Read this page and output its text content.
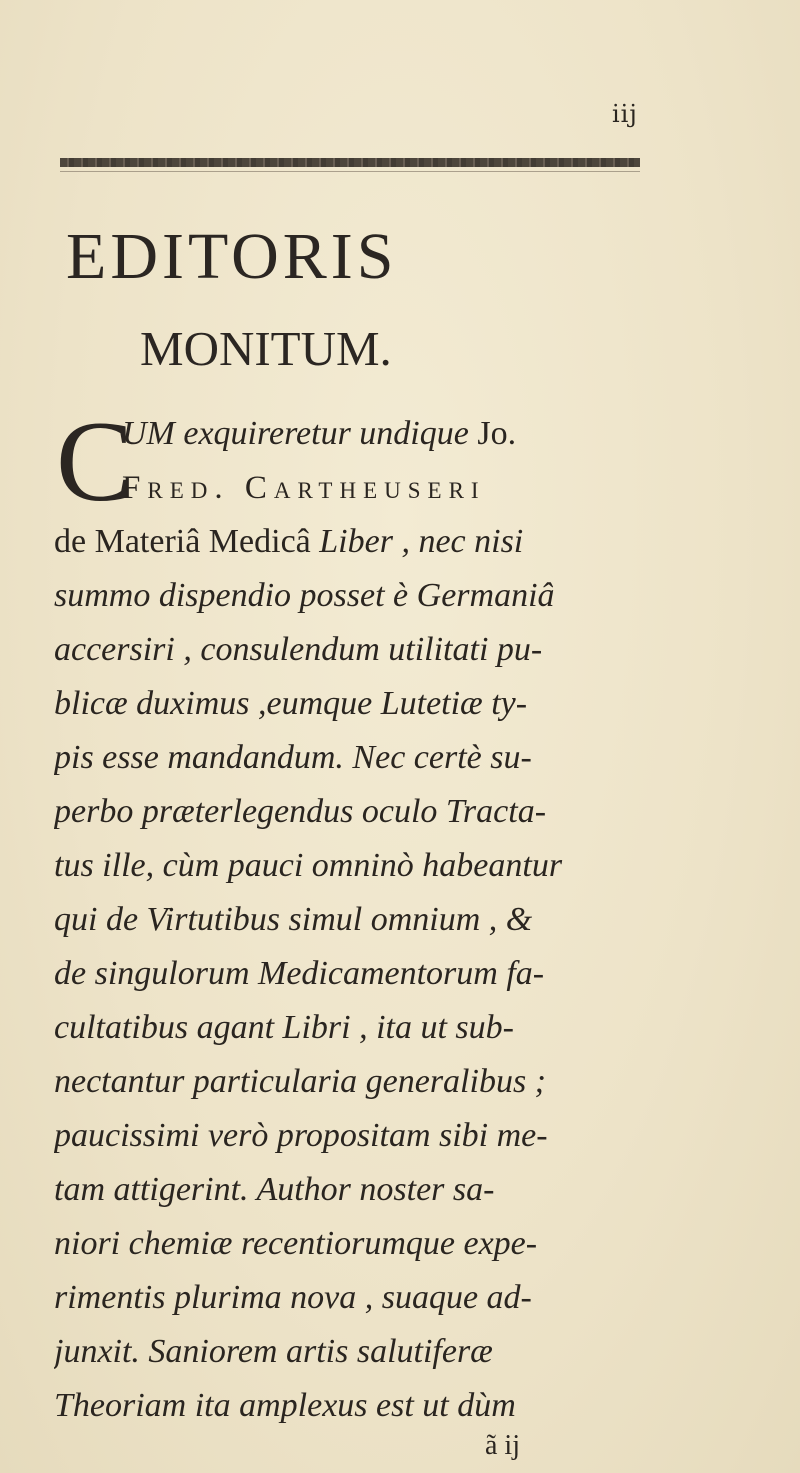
iij
EDITORIS
MONITUM.
C
UM exquireretur undique Jo.
Fred. Cartheuseri
de Materiâ Medicâ Liber , nec nisi
summo dispendio posset è Germaniâ
accersiri , consulendum utilitati pu-
blicæ duximus ,eumque Lutetiæ ty-
pis esse mandandum. Nec certè su-
perbo præterlegendus oculo Tracta-
tus ille, cùm pauci omninò habeantur
qui de Virtutibus simul omnium , &
de singulorum Medicamentorum fa-
cultatibus agant Libri , ita ut sub-
nectantur particularia generalibus ;
paucissimi verò propositam sibi me-
tam attigerint. Author noster sa-
niori chemiæ recentiorumque expe-
rimentis plurima nova , suaque ad-
junxit. Saniorem artis salutiferæ
Theoriam ita amplexus est ut dùm
ã ij
